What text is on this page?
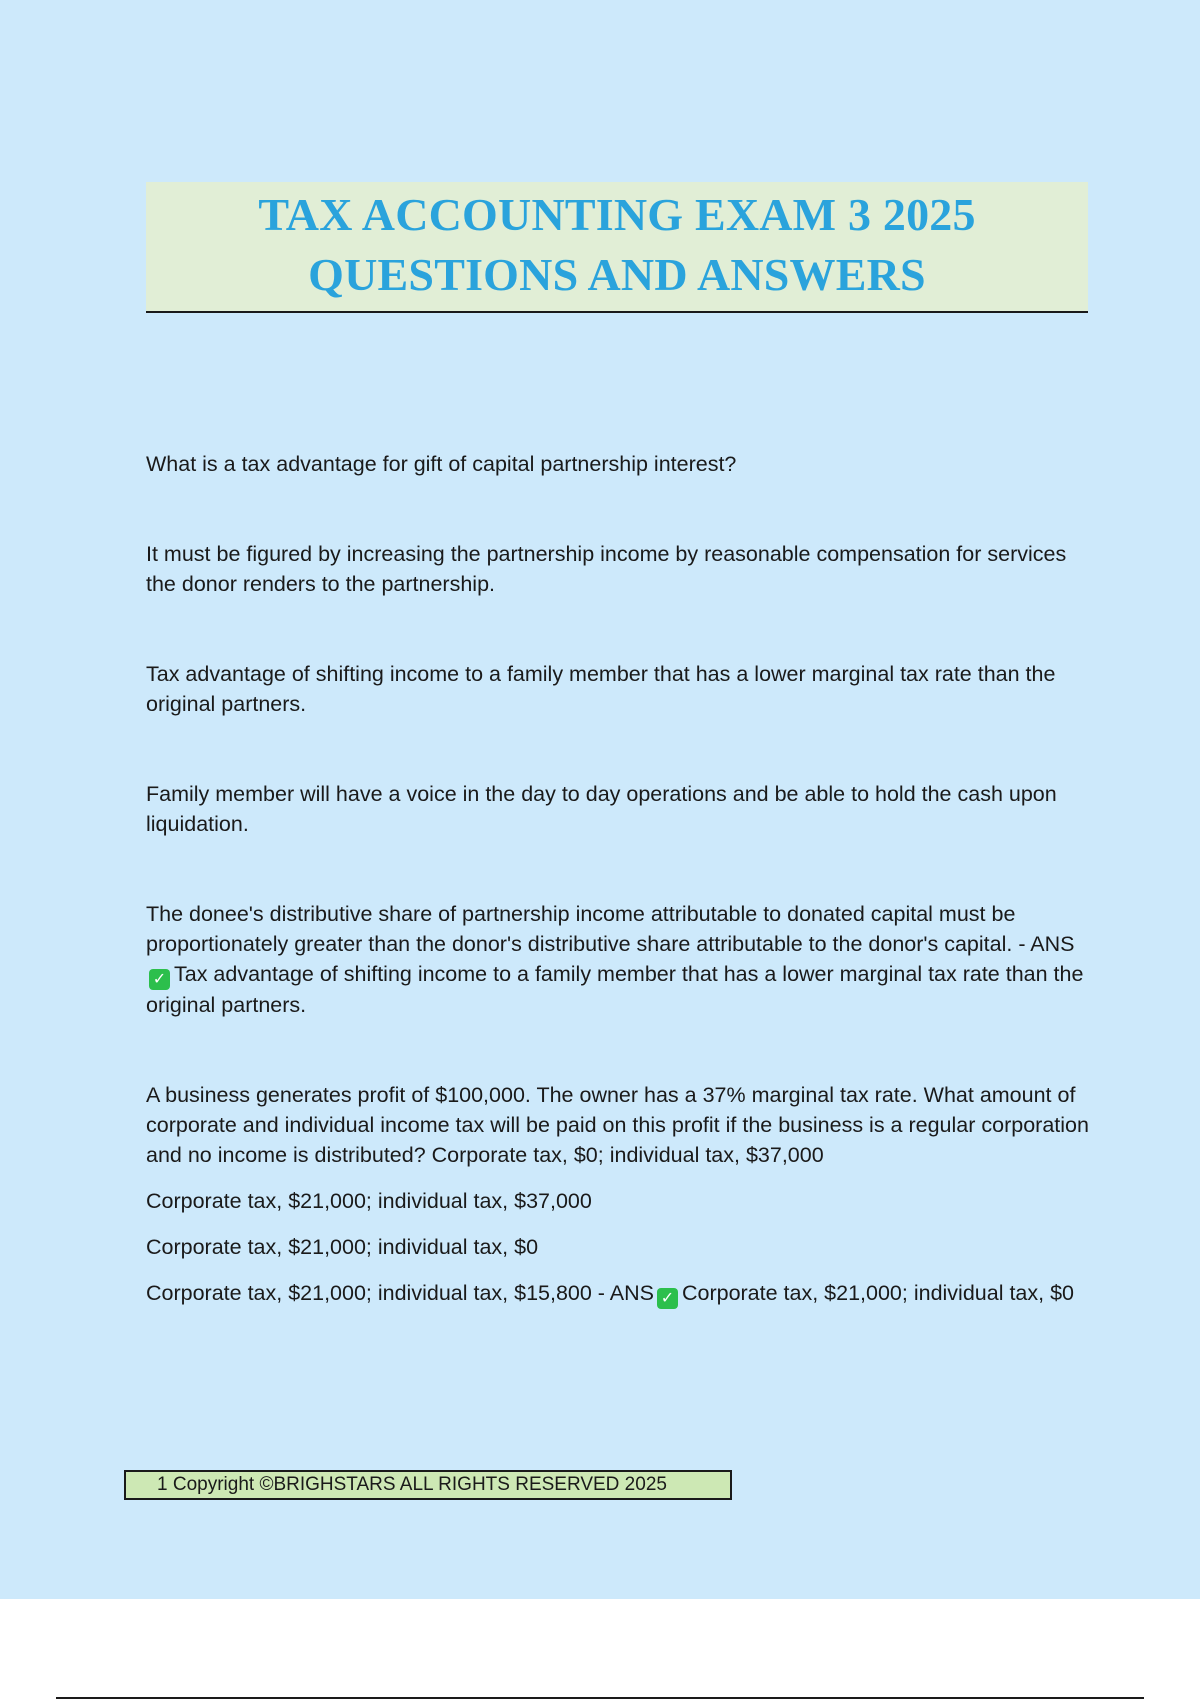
TAX ACCOUNTING EXAM 3 2025
QUESTIONS AND ANSWERS

What is a tax advantage for gift of capital partnership interest?

It must be figured by increasing the partnership income by reasonable compensation for services the donor renders to the partnership.

Tax advantage of shifting income to a family member that has a lower marginal tax rate than the original partners.

Family member will have a voice in the day to day operations and be able to hold the cash upon liquidation.

The donee's distributive share of partnership income attributable to donated capital must be proportionately greater than the donor's distributive share attributable to the donor's capital. - ANS✓ Tax advantage of shifting income to a family member that has a lower marginal tax rate than the original partners.

A business generates profit of $100,000. The owner has a 37% marginal tax rate. What amount of corporate and individual income tax will be paid on this profit if the business is a regular corporation and no income is distributed? Corporate tax, $0; individual tax, $37,000

Corporate tax, $21,000; individual tax, $37,000

Corporate tax, $21,000; individual tax, $0

Corporate tax, $21,000; individual tax, $15,800 - ANS ✓ Corporate tax, $21,000; individual tax, $0

1 Copyright ©BRIGHSTARS ALL RIGHTS RESERVED 2025
